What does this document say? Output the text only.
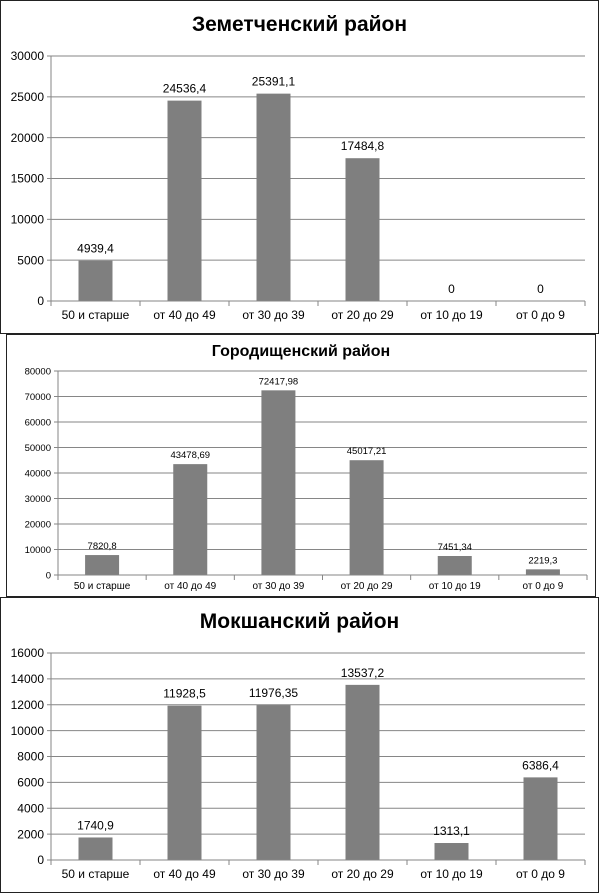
Земетченский район
0
5000
10000
15000
20000
25000
30000
4939,4
50 и старше
24536,4
от 40 до 49
25391,1
от 30 до 39
17484,8
от 20 до 29
0
от 10 до 19
0
от 0 до 9
Городищенский район
0
10000
20000
30000
40000
50000
60000
70000
80000
7820,8
50 и старше
43478,69
от 40 до 49
72417,98
от 30 до 39
45017,21
от 20 до 29
7451,34
от 10 до 19
2219,3
от 0 до 9
Мокшанский район
0
2000
4000
6000
8000
10000
12000
14000
16000
1740,9
50 и старше
11928,5
от 40 до 49
11976,35
от 30 до 39
13537,2
от 20 до 29
1313,1
от 10 до 19
6386,4
от 0 до 9
